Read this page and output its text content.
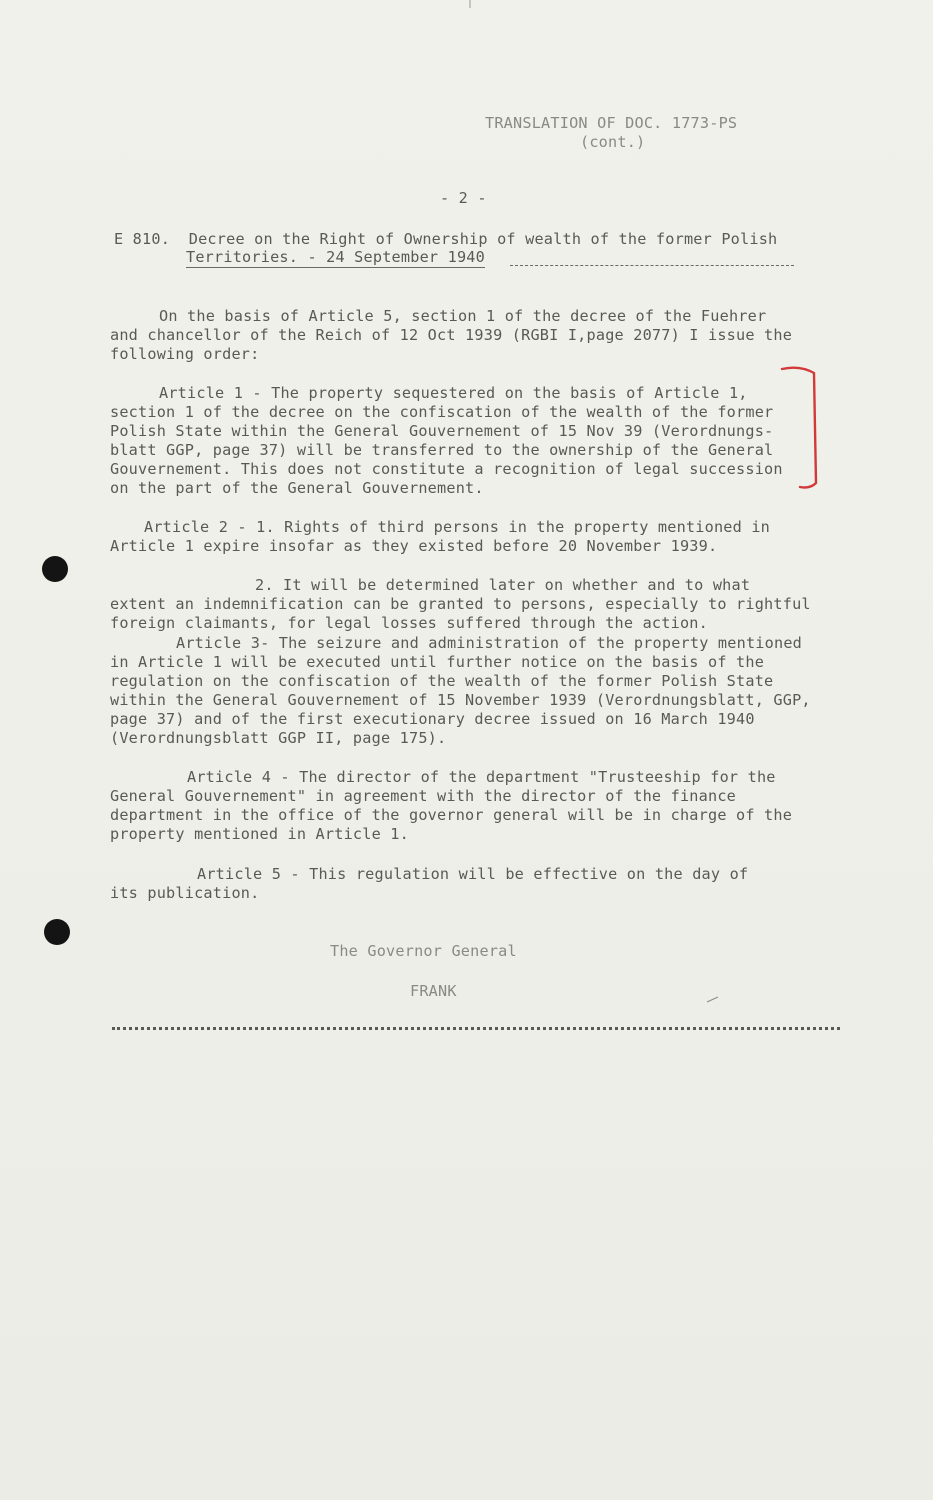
TRANSLATION OF DOC. 1773-PS
(cont.)
- 2 -
E 810.  Decree on the Right of Ownership of wealth of the former Polish
Territories. - 24 September 1940
On the basis of Article 5, section 1 of the decree of the Fuehrer
and chancellor of the Reich of 12 Oct 1939 (RGBI I,page 2077) I issue the
following order:
Article 1 - The property sequestered on the basis of Article 1,
section 1 of the decree on the confiscation of the wealth of the former
Polish State within the General Gouvernement of 15 Nov 39 (Verordnungs-
blatt GGP, page 37) will be transferred to the ownership of the General
Gouvernement. This does not constitute a recognition of legal succession
on the part of the General Gouvernement.
Article 2 - 1. Rights of third persons in the property mentioned in
Article 1 expire insofar as they existed before 20 November 1939.
2. It will be determined later on whether and to what
extent an indemnification can be granted to persons, especially to rightful
foreign claimants, for legal losses suffered through the action.
Article 3- The seizure and administration of the property mentioned
in Article 1 will be executed until further notice on the basis of the
regulation on the confiscation of the wealth of the former Polish State
within the General Gouvernement of 15 November 1939 (Verordnungsblatt, GGP,
page 37) and of the first executionary decree issued on 16 March 1940
(Verordnungsblatt GGP II, page 175).
Article 4 - The director of the department "Trusteeship for the
General Gouvernement" in agreement with the director of the finance
department in the office of the governor general will be in charge of the
property mentioned in Article 1.
Article 5 - This regulation will be effective on the day of
its publication.
The Governor General
FRANK
